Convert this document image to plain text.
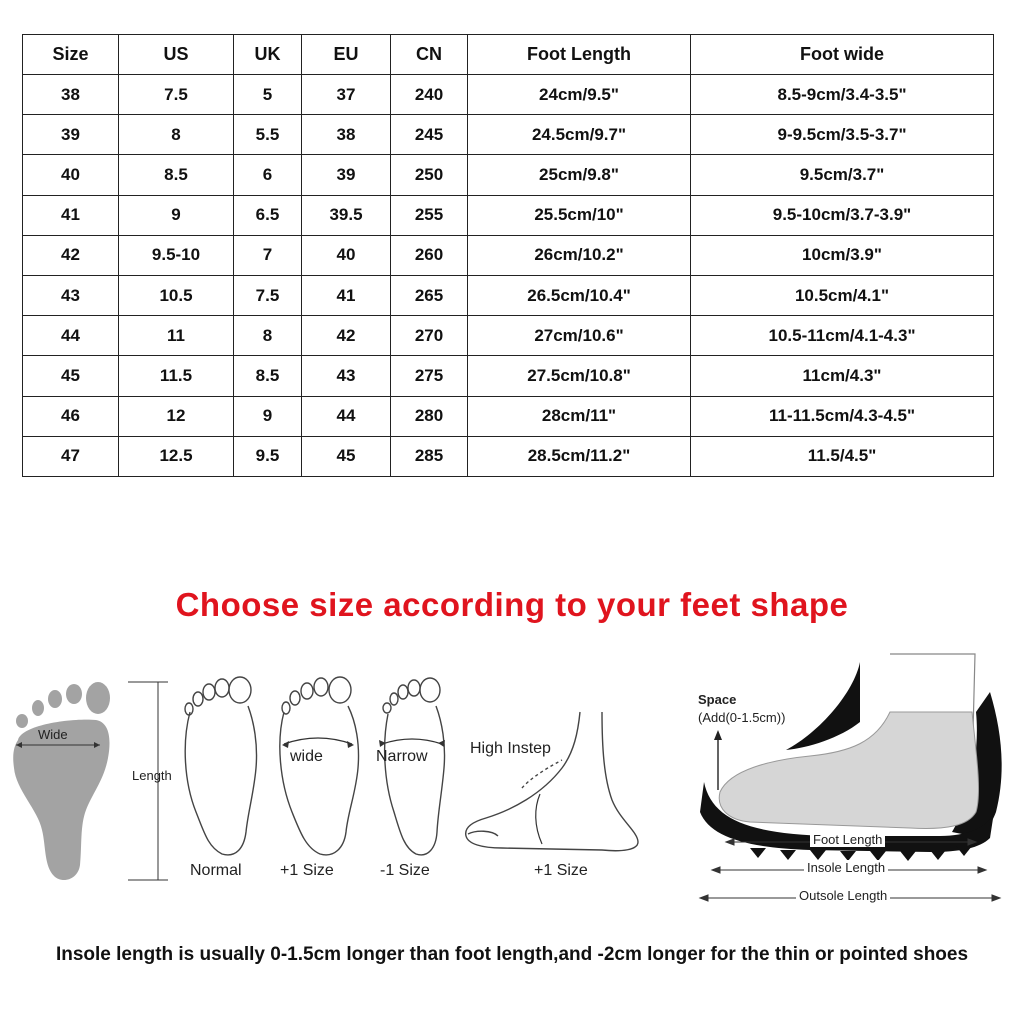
Size	US	UK	EU	CN	Foot Length	Foot wide
38	7.5	5	37	240	24cm/9.5"	8.5-9cm/3.4-3.5"
39	8	5.5	38	245	24.5cm/9.7"	9-9.5cm/3.5-3.7"
40	8.5	6	39	250	25cm/9.8"	9.5cm/3.7"
41	9	6.5	39.5	255	25.5cm/10"	9.5-10cm/3.7-3.9"
42	9.5-10	7	40	260	26cm/10.2"	10cm/3.9"
43	10.5	7.5	41	265	26.5cm/10.4"	10.5cm/4.1"
44	11	8	42	270	27cm/10.6"	10.5-11cm/4.1-4.3"
45	11.5	8.5	43	275	27.5cm/10.8"	11cm/4.3"
46	12	9	44	280	28cm/11"	11-11.5cm/4.3-4.5"
47	12.5	9.5	45	285	28.5cm/11.2"	11.5/4.5"
Choose size according to your feet shape
Wide
Length
Normal
wide
+1 Size
Narrow
-1 Size
High Instep
+1 Size
Space
(Add(0-1.5cm))
Foot Length
Insole Length
Outsole Length
Insole length is usually 0-1.5cm longer than foot length,and -2cm longer for the thin or pointed shoes
